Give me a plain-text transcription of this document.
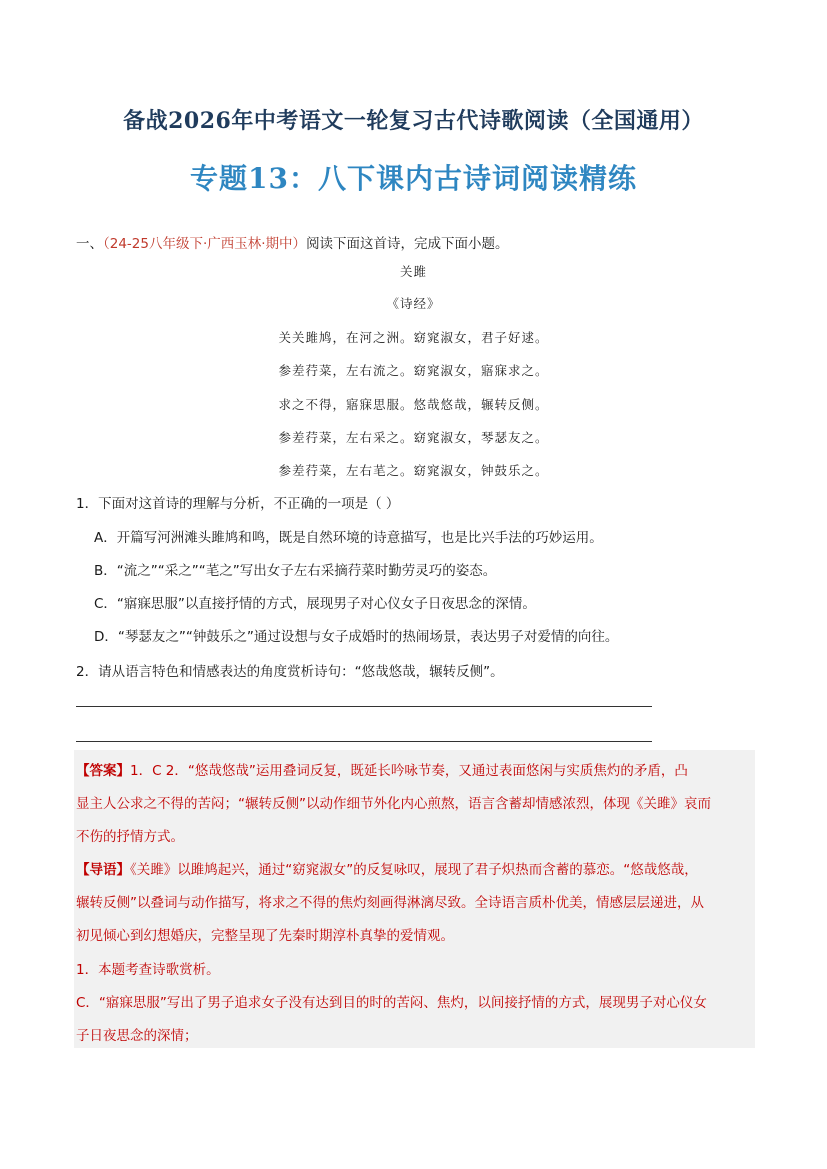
备战2026年中考语文一轮复习古代诗歌阅读（全国通用）
专题13：八下课内古诗词阅读精练
一、（24-25八年级下·广西玉林·期中）阅读下面这首诗，完成下面小题。
关雎
《诗经》
关关雎鸠，在河之洲。窈窕淑女，君子好逑。
参差荇菜，左右流之。窈窕淑女，寤寐求之。
求之不得，寤寐思服。悠哉悠哉，辗转反侧。
参差荇菜，左右采之。窈窕淑女，琴瑟友之。
参差荇菜，左右芼之。窈窕淑女，钟鼓乐之。
1．下面对这首诗的理解与分析，不正确的一项是（ ）
A．开篇写河洲滩头雎鸠和鸣，既是自然环境的诗意描写，也是比兴手法的巧妙运用。
B．“流之”“采之”“芼之”写出女子左右采摘荇菜时勤劳灵巧的姿态。
C．“寤寐思服”以直接抒情的方式，展现男子对心仪女子日夜思念的深情。
D．“琴瑟友之”“钟鼓乐之”通过设想与女子成婚时的热闹场景，表达男子对爱情的向往。
2．请从语言特色和情感表达的角度赏析诗句：“悠哉悠哉，辗转反侧”。
【答案】1．C 2．“悠哉悠哉”运用叠词反复，既延长吟咏节奏，又通过表面悠闲与实质焦灼的矛盾，凸
显主人公求之不得的苦闷；“辗转反侧”以动作细节外化内心煎熬，语言含蓄却情感浓烈，体现《关雎》哀而
不伤的抒情方式。
【导语】《关雎》以雎鸠起兴，通过“窈窕淑女”的反复咏叹，展现了君子炽热而含蓄的慕恋。“悠哉悠哉，
辗转反侧”以叠词与动作描写，将求之不得的焦灼刻画得淋漓尽致。全诗语言质朴优美，情感层层递进，从
初见倾心到幻想婚庆，完整呈现了先秦时期淳朴真挚的爱情观。
1．本题考查诗歌赏析。
C．“寤寐思服”写出了男子追求女子没有达到目的时的苦闷、焦灼，以间接抒情的方式，展现男子对心仪女
子日夜思念的深情；
